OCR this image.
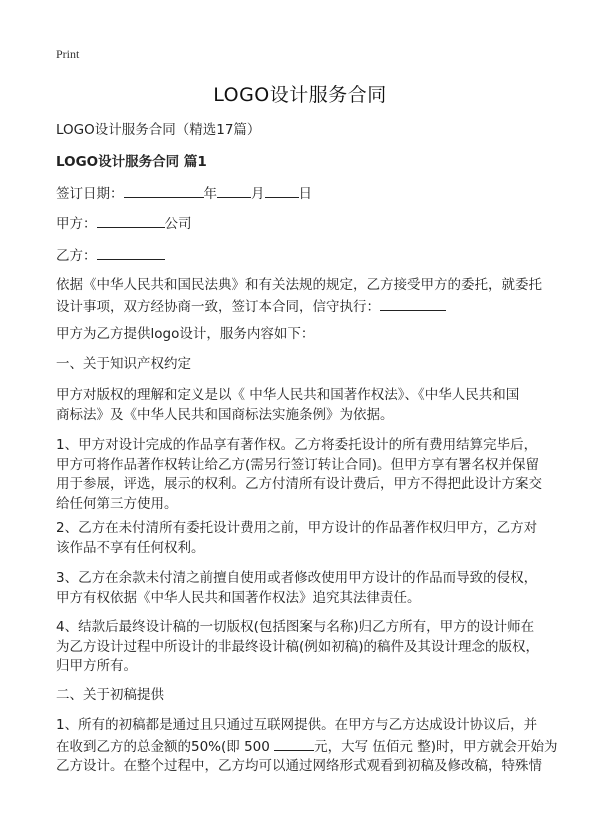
Print
LOGO设计服务合同

LOGO设计服务合同（精选17篇）

LOGO设计服务合同 篇1

签订日期：	年	月	日

甲方：	公司

乙方：

依据《中华人民共和国民法典》和有关法规的规定，乙方接受甲方的委托，就委托
设计事项，双方经协商一致，签订本合同，信守执行：

甲方为乙方提供logo设计，服务内容如下：

一、关于知识产权约定

甲方对版权的理解和定义是以《 中华人民共和国著作权法》、《中华人民共和国
商标法》及《中华人民共和国商标法实施条例》为依据。
1、甲方对设计完成的作品享有著作权。乙方将委托设计的所有费用结算完毕后，
甲方可将作品著作权转让给乙方(需另行签订转让合同)。但甲方享有署名权并保留
用于参展，评选，展示的权利。乙方付清所有设计费后，甲方不得把此设计方案交
给任何第三方使用。
2、乙方在未付清所有委托设计费用之前，甲方设计的作品著作权归甲方，乙方对
该作品不享有任何权利。
3、乙方在余款未付清之前擅自使用或者修改使用甲方设计的作品而导致的侵权，
甲方有权依据《中华人民共和国著作权法》追究其法律责任。
4、结款后最终设计稿的一切版权(包括图案与名称)归乙方所有，甲方的设计师在
为乙方设计过程中所设计的非最终设计稿(例如初稿)的稿件及其设计理念的版权，
归甲方所有。

二、关于初稿提供

1、所有的初稿都是通过且只通过互联网提供。在甲方与乙方达成设计协议后，并
在收到乙方的总金额的50%(即 500	元，大写 伍佰元 整)时，甲方就会开始为
乙方设计。在整个过程中，乙方均可以通过网络形式观看到初稿及修改稿，特殊情
